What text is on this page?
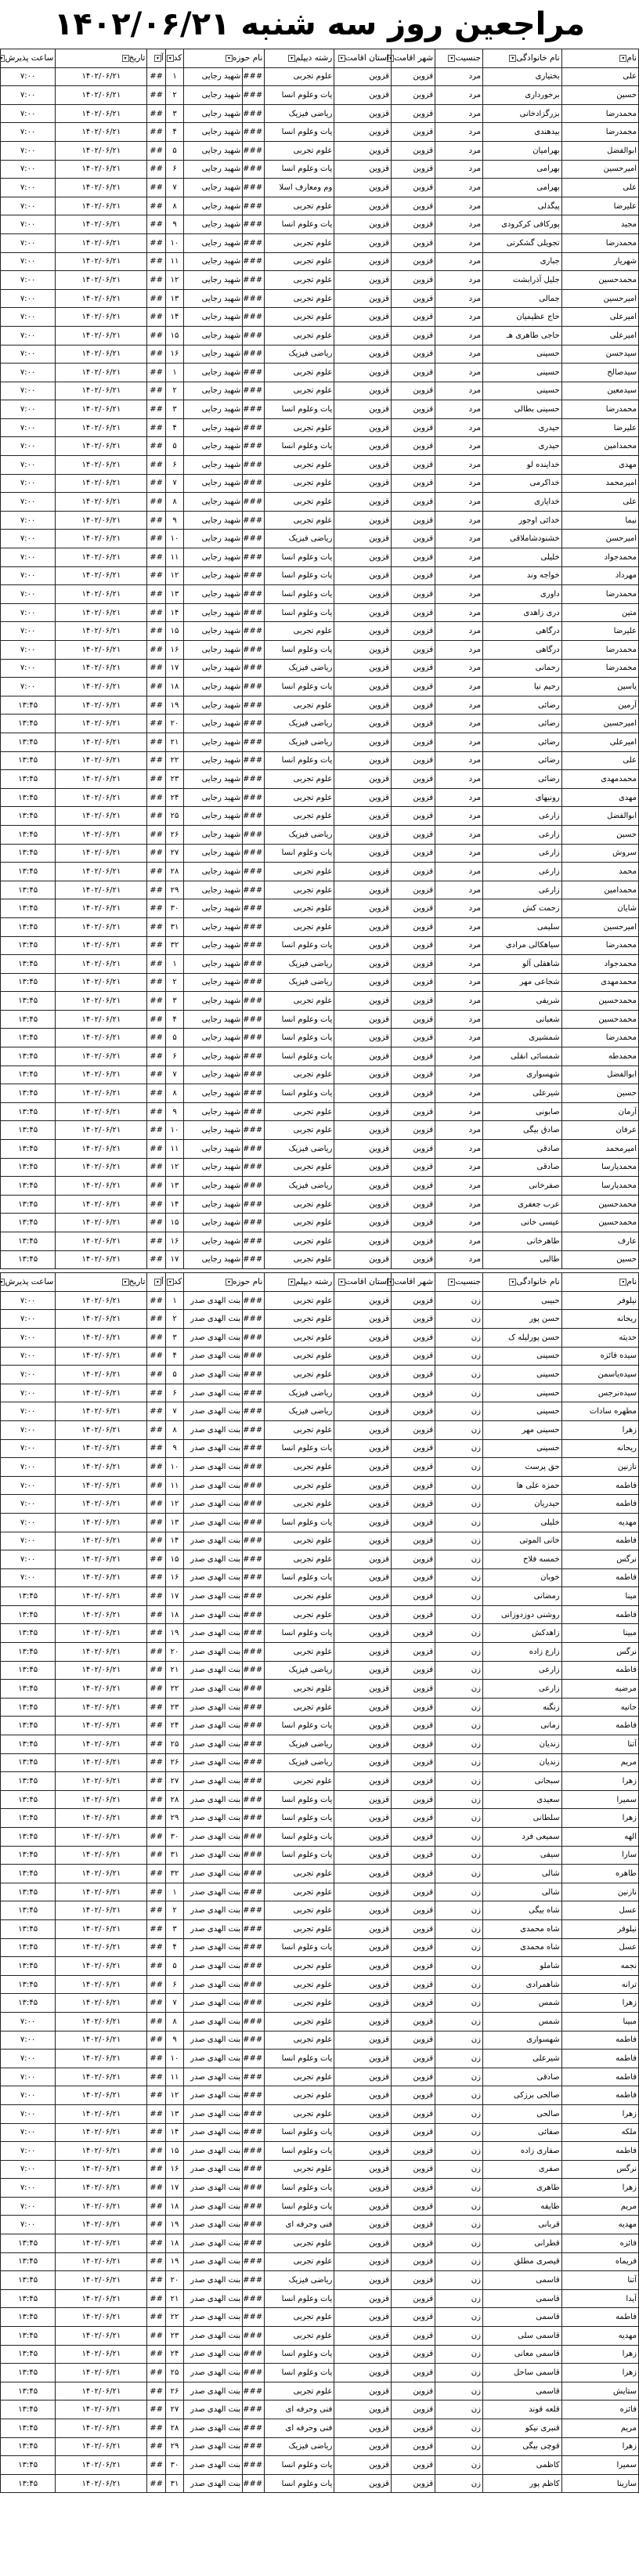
مراجعین روز سه شنبه ۱۴۰۲/۰۶/۲۱
نام▾	نام خانوادگی▾	جنسیت▾	شهر اقامت▾	استان اقامت▾	رشته دیپلم▾	نام حوزه▾		کد▾	آ▾	تاریخ▾	ساعت پذیرش▾
علی	بختیاری	مرد	قزوین	قزوین	علوم تجربی	###	شهید رجایی	۱	##	۱۴۰۲/۰۶/۲۱	۷:۰۰
حسین	برخورداری	مرد	قزوین	قزوین	یات وعلوم انسا	###	شهید رجایی	۲	##	۱۴۰۲/۰۶/۲۱	۷:۰۰
محمدرضا	بزرگزادخانی	مرد	قزوین	قزوین	ریاضی فیزیک	###	شهید رجایی	۳	##	۱۴۰۲/۰۶/۲۱	۷:۰۰
محمدرضا	بیدهندی	مرد	قزوین	قزوین	یات وعلوم انسا	###	شهید رجایی	۴	##	۱۴۰۲/۰۶/۲۱	۷:۰۰
ابوالفضل	بهرامیان	مرد	قزوین	قزوین	علوم تجربی	###	شهید رجایی	۵	##	۱۴۰۲/۰۶/۲۱	۷:۰۰
امیرحسین	بهرامی	مرد	قزوین	قزوین	یات وعلوم انسا	###	شهید رجایی	۶	##	۱۴۰۲/۰۶/۲۱	۷:۰۰
علی	بهرامی	مرد	قزوین	قزوین	وم ومعارف اسلا	###	شهید رجایی	۷	##	۱۴۰۲/۰۶/۲۱	۷:۰۰
علیرضا	پیگدلی	مرد	قزوین	قزوین	علوم تجربی	###	شهید رجایی	۸	##	۱۴۰۲/۰۶/۲۱	۷:۰۰
مجید	پورکافی کرکرودی	مرد	قزوین	قزوین	یات وعلوم انسا	###	شهید رجایی	۹	##	۱۴۰۲/۰۶/۲۱	۷:۰۰
محمدرضا	تجویلی گشکرتی	مرد	قزوین	قزوین	علوم تجربی	###	شهید رجایی	۱۰	##	۱۴۰۲/۰۶/۲۱	۷:۰۰
شهریار	جباری	مرد	قزوین	قزوین	علوم تجربی	###	شهید رجایی	۱۱	##	۱۴۰۲/۰۶/۲۱	۷:۰۰
محمدحسین	جلیل آذرابشت	مرد	قزوین	قزوین	علوم تجربی	###	شهید رجایی	۱۲	##	۱۴۰۲/۰۶/۲۱	۷:۰۰
امیرحسین	جمالی	مرد	قزوین	قزوین	علوم تجربی	###	شهید رجایی	۱۳	##	۱۴۰۲/۰۶/۲۱	۷:۰۰
امیرعلی	حاج عظیمیان	مرد	قزوین	قزوین	علوم تجربی	###	شهید رجایی	۱۴	##	۱۴۰۲/۰۶/۲۱	۷:۰۰
امیرعلی	حاجی طاهری هـ	مرد	قزوین	قزوین	علوم تجربی	###	شهید رجایی	۱۵	##	۱۴۰۲/۰۶/۲۱	۷:۰۰
سیدحسن	حسینی	مرد	قزوین	قزوین	ریاضی فیزیک	###	شهید رجایی	۱۶	##	۱۴۰۲/۰۶/۲۱	۷:۰۰
سیدصالح	حسینی	مرد	قزوین	قزوین	علوم تجربی	###	شهید رجایی	۱	##	۱۴۰۲/۰۶/۲۱	۷:۰۰
سیدمعین	حسینی	مرد	قزوین	قزوین	علوم تجربی	###	شهید رجایی	۲	##	۱۴۰۲/۰۶/۲۱	۷:۰۰
محمدرضا	حسینی بطالی	مرد	قزوین	قزوین	یات وعلوم انسا	###	شهید رجایی	۳	##	۱۴۰۲/۰۶/۲۱	۷:۰۰
علیرضا	حیدری	مرد	قزوین	قزوین	علوم تجربی	###	شهید رجایی	۴	##	۱۴۰۲/۰۶/۲۱	۷:۰۰
محمدامین	حیدری	مرد	قزوین	قزوین	یات وعلوم انسا	###	شهید رجایی	۵	##	۱۴۰۲/۰۶/۲۱	۷:۰۰
مهدی	خداینده لو	مرد	قزوین	قزوین	علوم تجربی	###	شهید رجایی	۶	##	۱۴۰۲/۰۶/۲۱	۷:۰۰
امیرمحمد	خداکرمی	مرد	قزوین	قزوین	علوم تجربی	###	شهید رجایی	۷	##	۱۴۰۲/۰۶/۲۱	۷:۰۰
علی	خدایاری	مرد	قزوین	قزوین	علوم تجربی	###	شهید رجایی	۸	##	۱۴۰۲/۰۶/۲۱	۷:۰۰
نیما	خدائی اوجور	مرد	قزوین	قزوین	علوم تجربی	###	شهید رجایی	۹	##	۱۴۰۲/۰۶/۲۱	۷:۰۰
امیرحسن	خشنودشاملاقی	مرد	قزوین	قزوین	ریاضی فیزیک	###	شهید رجایی	۱۰	##	۱۴۰۲/۰۶/۲۱	۷:۰۰
محمدجواد	خلیلی	مرد	قزوین	قزوین	یات وعلوم انسا	###	شهید رجایی	۱۱	##	۱۴۰۲/۰۶/۲۱	۷:۰۰
مهرداد	خواجه وند	مرد	قزوین	قزوین	یات وعلوم انسا	###	شهید رجایی	۱۲	##	۱۴۰۲/۰۶/۲۱	۷:۰۰
محمدرضا	داوری	مرد	قزوین	قزوین	یات وعلوم انسا	###	شهید رجایی	۱۳	##	۱۴۰۲/۰۶/۲۱	۷:۰۰
متین	دری زاهدی	مرد	قزوین	قزوین	یات وعلوم انسا	###	شهید رجایی	۱۴	##	۱۴۰۲/۰۶/۲۱	۷:۰۰
علیرضا	درگاهی	مرد	قزوین	قزوین	علوم تجربی	###	شهید رجایی	۱۵	##	۱۴۰۲/۰۶/۲۱	۷:۰۰
محمدرضا	درگاهی	مرد	قزوین	قزوین	یات وعلوم انسا	###	شهید رجایی	۱۶	##	۱۴۰۲/۰۶/۲۱	۷:۰۰
محمدرضا	رحمانی	مرد	قزوین	قزوین	ریاضی فیزیک	###	شهید رجایی	۱۷	##	۱۴۰۲/۰۶/۲۱	۷:۰۰
یاسین	رحیم نیا	مرد	قزوین	قزوین	یات وعلوم انسا	###	شهید رجایی	۱۸	##	۱۴۰۲/۰۶/۲۱	۷:۰۰
آرمین	رضائی	مرد	قزوین	قزوین	علوم تجربی	###	شهید رجایی	۱۹	##	۱۴۰۲/۰۶/۲۱	۱۳:۴۵
امیرحسین	رضائی	مرد	قزوین	قزوین	ریاضی فیزیک	###	شهید رجایی	۲۰	##	۱۴۰۲/۰۶/۲۱	۱۳:۴۵
امیرعلی	رضائی	مرد	قزوین	قزوین	ریاضی فیزیک	###	شهید رجایی	۲۱	##	۱۴۰۲/۰۶/۲۱	۱۳:۴۵
علی	رضائی	مرد	قزوین	قزوین	یات وعلوم انسا	###	شهید رجایی	۲۲	##	۱۴۰۲/۰۶/۲۱	۱۳:۴۵
محمدمهدی	رضائی	مرد	قزوین	قزوین	علوم تجربی	###	شهید رجایی	۲۳	##	۱۴۰۲/۰۶/۲۱	۱۳:۴۵
مهدی	رونیهای	مرد	قزوین	قزوین	علوم تجربی	###	شهید رجایی	۲۴	##	۱۴۰۲/۰۶/۲۱	۱۳:۴۵
ابوالفضل	زارعی	مرد	قزوین	قزوین	علوم تجربی	###	شهید رجایی	۲۵	##	۱۴۰۲/۰۶/۲۱	۱۳:۴۵
حسین	زارعی	مرد	قزوین	قزوین	ریاضی فیزیک	###	شهید رجایی	۲۶	##	۱۴۰۲/۰۶/۲۱	۱۳:۴۵
سروش	زارعی	مرد	قزوین	قزوین	یات وعلوم انسا	###	شهید رجایی	۲۷	##	۱۴۰۲/۰۶/۲۱	۱۳:۴۵
محمد	زارعی	مرد	قزوین	قزوین	علوم تجربی	###	شهید رجایی	۲۸	##	۱۴۰۲/۰۶/۲۱	۱۳:۴۵
محمدامین	زارعی	مرد	قزوین	قزوین	علوم تجربی	###	شهید رجایی	۲۹	##	۱۴۰۲/۰۶/۲۱	۱۳:۴۵
شایان	زحمت کش	مرد	قزوین	قزوین	علوم تجربی	###	شهید رجایی	۳۰	##	۱۴۰۲/۰۶/۲۱	۱۳:۴۵
امیرحسین	سلیمی	مرد	قزوین	قزوین	علوم تجربی	###	شهید رجایی	۳۱	##	۱۴۰۲/۰۶/۲۱	۱۳:۴۵
محمدرضا	سیاهکالی مرادی	مرد	قزوین	قزوین	یات وعلوم انسا	###	شهید رجایی	۳۲	##	۱۴۰۲/۰۶/۲۱	۱۳:۴۵
محمدجواد	شاهقلی آلو	مرد	قزوین	قزوین	ریاضی فیزیک	###	شهید رجایی	۱	##	۱۴۰۲/۰۶/۲۱	۱۳:۴۵
محمدمهدی	شجاعی مهر	مرد	قزوین	قزوین	ریاضی فیزیک	###	شهید رجایی	۲	##	۱۴۰۲/۰۶/۲۱	۱۳:۴۵
محمدحسین	شریفی	مرد	قزوین	قزوین	علوم تجربی	###	شهید رجایی	۳	##	۱۴۰۲/۰۶/۲۱	۱۳:۴۵
محمدحسین	شعبانی	مرد	قزوین	قزوین	یات وعلوم انسا	###	شهید رجایی	۴	##	۱۴۰۲/۰۶/۲۱	۱۳:۴۵
محمدرضا	شمشیری	مرد	قزوین	قزوین	یات وعلوم انسا	###	شهید رجایی	۵	##	۱۴۰۲/۰۶/۲۱	۱۳:۴۵
محمدطه	شمسائی انقلی	مرد	قزوین	قزوین	یات وعلوم انسا	###	شهید رجایی	۶	##	۱۴۰۲/۰۶/۲۱	۱۳:۴۵
ابوالفضل	شهسواری	مرد	قزوین	قزوین	علوم تجربی	###	شهید رجایی	۷	##	۱۴۰۲/۰۶/۲۱	۱۳:۴۵
حسین	شیرعلی	مرد	قزوین	قزوین	یات وعلوم انسا	###	شهید رجایی	۸	##	۱۴۰۲/۰۶/۲۱	۱۳:۴۵
آرمان	صابونی	مرد	قزوین	قزوین	علوم تجربی	###	شهید رجایی	۹	##	۱۴۰۲/۰۶/۲۱	۱۳:۴۵
عرفان	صادق بیگی	مرد	قزوین	قزوین	علوم تجربی	###	شهید رجایی	۱۰	##	۱۴۰۲/۰۶/۲۱	۱۳:۴۵
امیرمحمد	صادقی	مرد	قزوین	قزوین	ریاضی فیزیک	###	شهید رجایی	۱۱	##	۱۴۰۲/۰۶/۲۱	۱۳:۴۵
محمدپارسا	صادقی	مرد	قزوین	قزوین	علوم تجربی	###	شهید رجایی	۱۲	##	۱۴۰۲/۰۶/۲۱	۱۳:۴۵
محمدپارسا	صفرخانی	مرد	قزوین	قزوین	ریاضی فیزیک	###	شهید رجایی	۱۳	##	۱۴۰۲/۰۶/۲۱	۱۳:۴۵
محمدحسین	عرب جعفری	مرد	قزوین	قزوین	علوم تجربی	###	شهید رجایی	۱۴	##	۱۴۰۲/۰۶/۲۱	۱۳:۴۵
محمدحسین	عیسی خانی	مرد	قزوین	قزوین	علوم تجربی	###	شهید رجایی	۱۵	##	۱۴۰۲/۰۶/۲۱	۱۳:۴۵
عارف	طاهرخانی	مرد	قزوین	قزوین	علوم تجربی	###	شهید رجایی	۱۶	##	۱۴۰۲/۰۶/۲۱	۱۳:۴۵
حسین	طالبی	مرد	قزوین	قزوین	علوم تجربی	###	شهید رجایی	۱۷	##	۱۴۰۲/۰۶/۲۱	۱۳:۴۵
نام▾	نام خانوادگی▾	جنسیت▾	شهر اقامت▾	استان اقامت▾	رشته دیپلم▾	نام حوزه▾		کد▾	آ▾	تاریخ▾	ساعت پذیرش▾
نیلوفر	حبیبی	زن	قزوین	قزوین	علوم تجربی	###	بنت الهدی صدر	۱	##	۱۴۰۲/۰۶/۲۱	۷:۰۰
ریحانه	حسن پور	زن	قزوین	قزوین	علوم تجربی	###	بنت الهدی صدر	۲	##	۱۴۰۲/۰۶/۲۱	۷:۰۰
حدیثه	حسن پورلیله ک	زن	قزوین	قزوین	علوم تجربی	###	بنت الهدی صدر	۳	##	۱۴۰۲/۰۶/۲۱	۷:۰۰
سیده فائزه	حسینی	زن	قزوین	قزوین	علوم تجربی	###	بنت الهدی صدر	۴	##	۱۴۰۲/۰۶/۲۱	۷:۰۰
سیده‌یاسمن	حسینی	زن	قزوین	قزوین	علوم تجربی	###	بنت الهدی صدر	۵	##	۱۴۰۲/۰۶/۲۱	۷:۰۰
سیده‌نرجس	حسینی	زن	قزوین	قزوین	ریاضی فیزیک	###	بنت الهدی صدر	۶	##	۱۴۰۲/۰۶/۲۱	۷:۰۰
مطهره سادات	حسینی	زن	قزوین	قزوین	ریاضی فیزیک	###	بنت الهدی صدر	۷	##	۱۴۰۲/۰۶/۲۱	۷:۰۰
زهرا	حسینی مهر	زن	قزوین	قزوین	علوم تجربی	###	بنت الهدی صدر	۸	##	۱۴۰۲/۰۶/۲۱	۷:۰۰
ریحانه	حسینی	زن	قزوین	قزوین	یات وعلوم انسا	###	بنت الهدی صدر	۹	##	۱۴۰۲/۰۶/۲۱	۷:۰۰
نازنین	حق پرست	زن	قزوین	قزوین	علوم تجربی	###	بنت الهدی صدر	۱۰	##	۱۴۰۲/۰۶/۲۱	۷:۰۰
فاطمه	حمزه علی ها	زن	قزوین	قزوین	علوم تجربی	###	بنت الهدی صدر	۱۱	##	۱۴۰۲/۰۶/۲۱	۷:۰۰
فاطمه	حیدریان	زن	قزوین	قزوین	علوم تجربی	###	بنت الهدی صدر	۱۲	##	۱۴۰۲/۰۶/۲۱	۷:۰۰
مهدیه	خلیلی	زن	قزوین	قزوین	یات وعلوم انسا	###	بنت الهدی صدر	۱۳	##	۱۴۰۲/۰۶/۲۱	۷:۰۰
فاطمه	خانی الموتی	زن	قزوین	قزوین	علوم تجربی	###	بنت الهدی صدر	۱۴	##	۱۴۰۲/۰۶/۲۱	۷:۰۰
نرگس	خمسه فلاح	زن	قزوین	قزوین	علوم تجربی	###	بنت الهدی صدر	۱۵	##	۱۴۰۲/۰۶/۲۱	۷:۰۰
فاطمه	خوبان	زن	قزوین	قزوین	یات وعلوم انسا	###	بنت الهدی صدر	۱۶	##	۱۴۰۲/۰۶/۲۱	۷:۰۰
مینا	رمضانی	زن	قزوین	قزوین	علوم تجربی	###	بنت الهدی صدر	۱۷	##	۱۴۰۲/۰۶/۲۱	۱۳:۴۵
فاطمه	روشنی دوزدوزانی	زن	قزوین	قزوین	علوم تجربی	###	بنت الهدی صدر	۱۸	##	۱۴۰۲/۰۶/۲۱	۱۳:۴۵
مبینا	زاهدکش	زن	قزوین	قزوین	یات وعلوم انسا	###	بنت الهدی صدر	۱۹	##	۱۴۰۲/۰۶/۲۱	۱۳:۴۵
نرگس	زارع زاده	زن	قزوین	قزوین	علوم تجربی	###	بنت الهدی صدر	۲۰	##	۱۴۰۲/۰۶/۲۱	۱۳:۴۵
فاطمه	زارعی	زن	قزوین	قزوین	ریاضی فیزیک	###	بنت الهدی صدر	۲۱	##	۱۴۰۲/۰۶/۲۱	۱۳:۴۵
مرضیه	زارعی	زن	قزوین	قزوین	علوم تجربی	###	بنت الهدی صدر	۲۲	##	۱۴۰۲/۰۶/۲۱	۱۳:۴۵
حانیه	زنگنه	زن	قزوین	قزوین	علوم تجربی	###	بنت الهدی صدر	۲۳	##	۱۴۰۲/۰۶/۲۱	۱۳:۴۵
فاطمه	زمانی	زن	قزوین	قزوین	یات وعلوم انسا	###	بنت الهدی صدر	۲۴	##	۱۴۰۲/۰۶/۲۱	۱۳:۴۵
آتنا	زندیان	زن	قزوین	قزوین	ریاضی فیزیک	###	بنت الهدی صدر	۲۵	##	۱۴۰۲/۰۶/۲۱	۱۳:۴۵
مریم	زندیان	زن	قزوین	قزوین	ریاضی فیزیک	###	بنت الهدی صدر	۲۶	##	۱۴۰۲/۰۶/۲۱	۱۳:۴۵
زهرا	سبحانی	زن	قزوین	قزوین	علوم تجربی	###	بنت الهدی صدر	۲۷	##	۱۴۰۲/۰۶/۲۱	۱۳:۴۵
سمیرا	سعیدی	زن	قزوین	قزوین	یات وعلوم انسا	###	بنت الهدی صدر	۲۸	##	۱۴۰۲/۰۶/۲۱	۱۳:۴۵
زهرا	سلطانی	زن	قزوین	قزوین	یات وعلوم انسا	###	بنت الهدی صدر	۲۹	##	۱۴۰۲/۰۶/۲۱	۱۳:۴۵
الهه	سمیعی فرد	زن	قزوین	قزوین	یات وعلوم انسا	###	بنت الهدی صدر	۳۰	##	۱۴۰۲/۰۶/۲۱	۱۳:۴۵
سارا	سیفی	زن	قزوین	قزوین	یات وعلوم انسا	###	بنت الهدی صدر	۳۱	##	۱۴۰۲/۰۶/۲۱	۱۳:۴۵
طاهره	شالی	زن	قزوین	قزوین	علوم تجربی	###	بنت الهدی صدر	۳۲	##	۱۴۰۲/۰۶/۲۱	۱۳:۴۵
نازنین	شالی	زن	قزوین	قزوین	علوم تجربی	###	بنت الهدی صدر	۱	##	۱۴۰۲/۰۶/۲۱	۱۳:۴۵
عسل	شاه بیگی	زن	قزوین	قزوین	علوم تجربی	###	بنت الهدی صدر	۲	##	۱۴۰۲/۰۶/۲۱	۱۳:۴۵
نیلوفر	شاه محمدی	زن	قزوین	قزوین	علوم تجربی	###	بنت الهدی صدر	۳	##	۱۴۰۲/۰۶/۲۱	۱۳:۴۵
عسل	شاه محمدی	زن	قزوین	قزوین	یات وعلوم انسا	###	بنت الهدی صدر	۴	##	۱۴۰۲/۰۶/۲۱	۱۳:۴۵
نجمه	شاملو	زن	قزوین	قزوین	علوم تجربی	###	بنت الهدی صدر	۵	##	۱۴۰۲/۰۶/۲۱	۱۳:۴۵
ترانه	شاهمرادی	زن	قزوین	قزوین	علوم تجربی	###	بنت الهدی صدر	۶	##	۱۴۰۲/۰۶/۲۱	۱۳:۴۵
زهرا	شمس	زن	قزوین	قزوین	علوم تجربی	###	بنت الهدی صدر	۷	##	۱۴۰۲/۰۶/۲۱	۱۳:۴۵
مبینا	شمس	زن	قزوین	قزوین	علوم تجربی	###	بنت الهدی صدر	۸	##	۱۴۰۲/۰۶/۲۱	۷:۰۰
فاطمه	شهسواری	زن	قزوین	قزوین	علوم تجربی	###	بنت الهدی صدر	۹	##	۱۴۰۲/۰۶/۲۱	۷:۰۰
فاطمه	شیرعلی	زن	قزوین	قزوین	یات وعلوم انسا	###	بنت الهدی صدر	۱۰	##	۱۴۰۲/۰۶/۲۱	۷:۰۰
فاطمه	صادقی	زن	قزوین	قزوین	علوم تجربی	###	بنت الهدی صدر	۱۱	##	۱۴۰۲/۰۶/۲۱	۷:۰۰
فاطمه	صالحی برزکی	زن	قزوین	قزوین	علوم تجربی	###	بنت الهدی صدر	۱۲	##	۱۴۰۲/۰۶/۲۱	۷:۰۰
زهرا	صالحی	زن	قزوین	قزوین	علوم تجربی	###	بنت الهدی صدر	۱۳	##	۱۴۰۲/۰۶/۲۱	۷:۰۰
ملکه	صفائی	زن	قزوین	قزوین	یات وعلوم انسا	###	بنت الهدی صدر	۱۴	##	۱۴۰۲/۰۶/۲۱	۷:۰۰
فاطمه	صفاری زاده	زن	قزوین	قزوین	یات وعلوم انسا	###	بنت الهدی صدر	۱۵	##	۱۴۰۲/۰۶/۲۱	۷:۰۰
نرگس	صفری	زن	قزوین	قزوین	علوم تجربی	###	بنت الهدی صدر	۱۶	##	۱۴۰۲/۰۶/۲۱	۷:۰۰
زهرا	طاهری	زن	قزوین	قزوین	یات وعلوم انسا	###	بنت الهدی صدر	۱۷	##	۱۴۰۲/۰۶/۲۱	۷:۰۰
مریم	طایفه	زن	قزوین	قزوین	یات وعلوم انسا	###	بنت الهدی صدر	۱۸	##	۱۴۰۲/۰۶/۲۱	۷:۰۰
مهدیه	قربانی	زن	قزوین	قزوین	فنی وحرفه ای	###	بنت الهدی صدر	۱۹	##	۱۴۰۲/۰۶/۲۱	۷:۰۰
فائزه	قطرانی	زن	قزوین	قزوین	علوم تجربی	###	بنت الهدی صدر	۱۸	##	۱۴۰۲/۰۶/۲۱	۱۳:۴۵
فریماه	قیصری مطلق	زن	قزوین	قزوین	علوم تجربی	###	بنت الهدی صدر	۱۹	##	۱۴۰۲/۰۶/۲۱	۱۳:۴۵
آتنا	قاسمی	زن	قزوین	قزوین	ریاضی فیزیک	###	بنت الهدی صدر	۲۰	##	۱۴۰۲/۰۶/۲۱	۱۳:۴۵
آیدا	قاسمی	زن	قزوین	قزوین	یات وعلوم انسا	###	بنت الهدی صدر	۲۱	##	۱۴۰۲/۰۶/۲۱	۱۳:۴۵
فاطمه	قاسمی	زن	قزوین	قزوین	علوم تجربی	###	بنت الهدی صدر	۲۲	##	۱۴۰۲/۰۶/۲۱	۱۳:۴۵
مهدیه	قاسمی سلی	زن	قزوین	قزوین	علوم تجربی	###	بنت الهدی صدر	۲۳	##	۱۴۰۲/۰۶/۲۱	۱۳:۴۵
زهرا	قاسمی معانی	زن	قزوین	قزوین	یات وعلوم انسا	###	بنت الهدی صدر	۲۴	##	۱۴۰۲/۰۶/۲۱	۱۳:۴۵
زهرا	قاسمی ساحل	زن	قزوین	قزوین	یات وعلوم انسا	###	بنت الهدی صدر	۲۵	##	۱۴۰۲/۰۶/۲۱	۱۳:۴۵
ستایش	قاسمی	زن	قزوین	قزوین	علوم تجربی	###	بنت الهدی صدر	۲۶	##	۱۴۰۲/۰۶/۲۱	۱۳:۴۵
فائزه	قلعه قوند	زن	قزوین	قزوین	فنی وحرفه ای	###	بنت الهدی صدر	۲۷	##	۱۴۰۲/۰۶/۲۱	۱۳:۴۵
مریم	قنبری نیکو	زن	قزوین	قزوین	فنی وحرفه ای	###	بنت الهدی صدر	۲۸	##	۱۴۰۲/۰۶/۲۱	۱۳:۴۵
زهرا	قوچی بیگی	زن	قزوین	قزوین	ریاضی فیزیک	###	بنت الهدی صدر	۲۹	##	۱۴۰۲/۰۶/۲۱	۱۳:۴۵
سمیرا	کاظمی	زن	قزوین	قزوین	یات وعلوم انسا	###	بنت الهدی صدر	۳۰	##	۱۴۰۲/۰۶/۲۱	۱۳:۴۵
سارینا	کاظم پور	زن	قزوین	قزوین	یات وعلوم انسا	###	بنت الهدی صدر	۳۱	##	۱۴۰۲/۰۶/۲۱	۱۳:۴۵
